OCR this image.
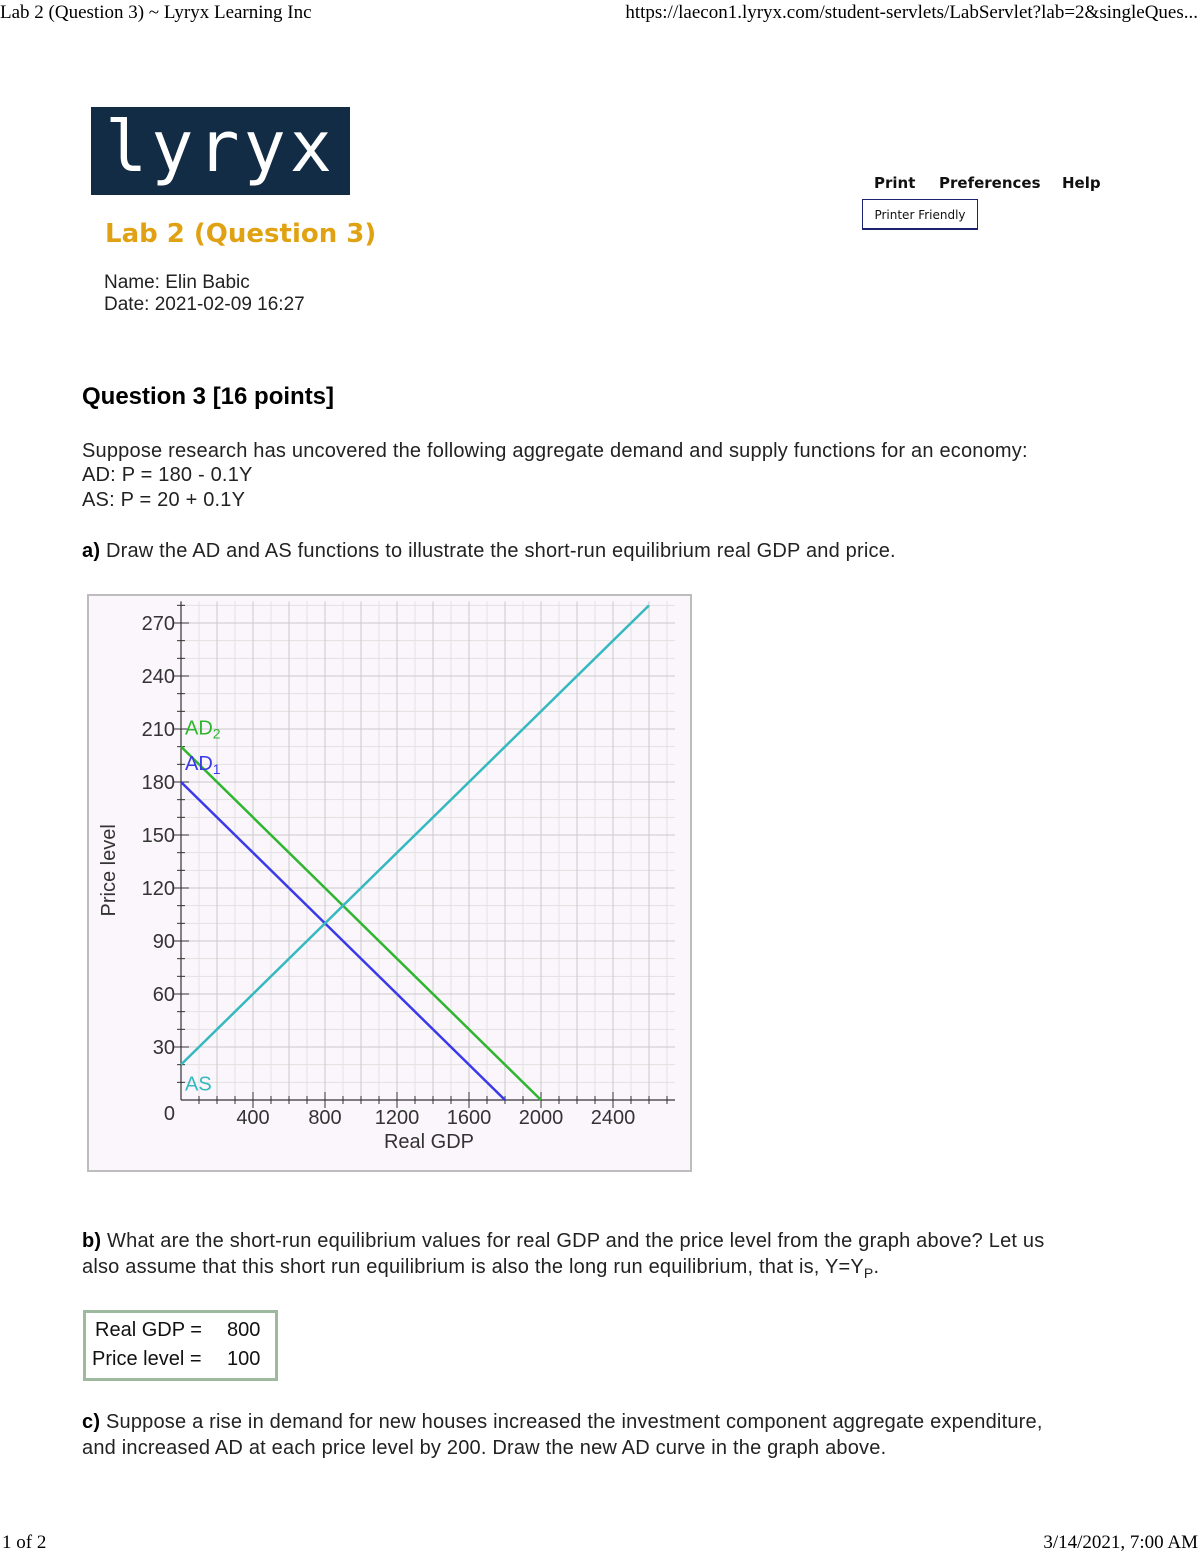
Lab 2 (Question 3) ~ Lyryx Learning Inc	https://laecon1.lyryx.com/student-servlets/LabServlet?lab=2&singleQues...
lyryx	Print Preferences Help
Printer Friendly
Lab 2 (Question 3)
Name: Elin Babic
Date: 2021-02-09 16:27
Question 3 [16 points]
Suppose research has uncovered the following aggregate demand and supply functions for an economy:
AD: P = 180 - 0.1Y
AS: P = 20 + 0.1Y
a) Draw the AD and AS functions to illustrate the short-run equilibrium real GDP and price.
270
240
210
180
150
120
90
60
30
400 800 1200 1600 2000 2400
0
Real GDP
Price level
$AD_2$
$AD_1$
AS
b) What are the short-run equilibrium values for real GDP and the price level from the graph above? Let us
also assume that this short run equilibrium is also the long run equilibrium, that is, $Y=Y_P$.
Real GDP = 800
Price level = 100
c) Suppose a rise in demand for new houses increased the investment component aggregate expenditure,
and increased AD at each price level by 200. Draw the new AD curve in the graph above.
1 of 2	3/14/2021, 7:00 AM
